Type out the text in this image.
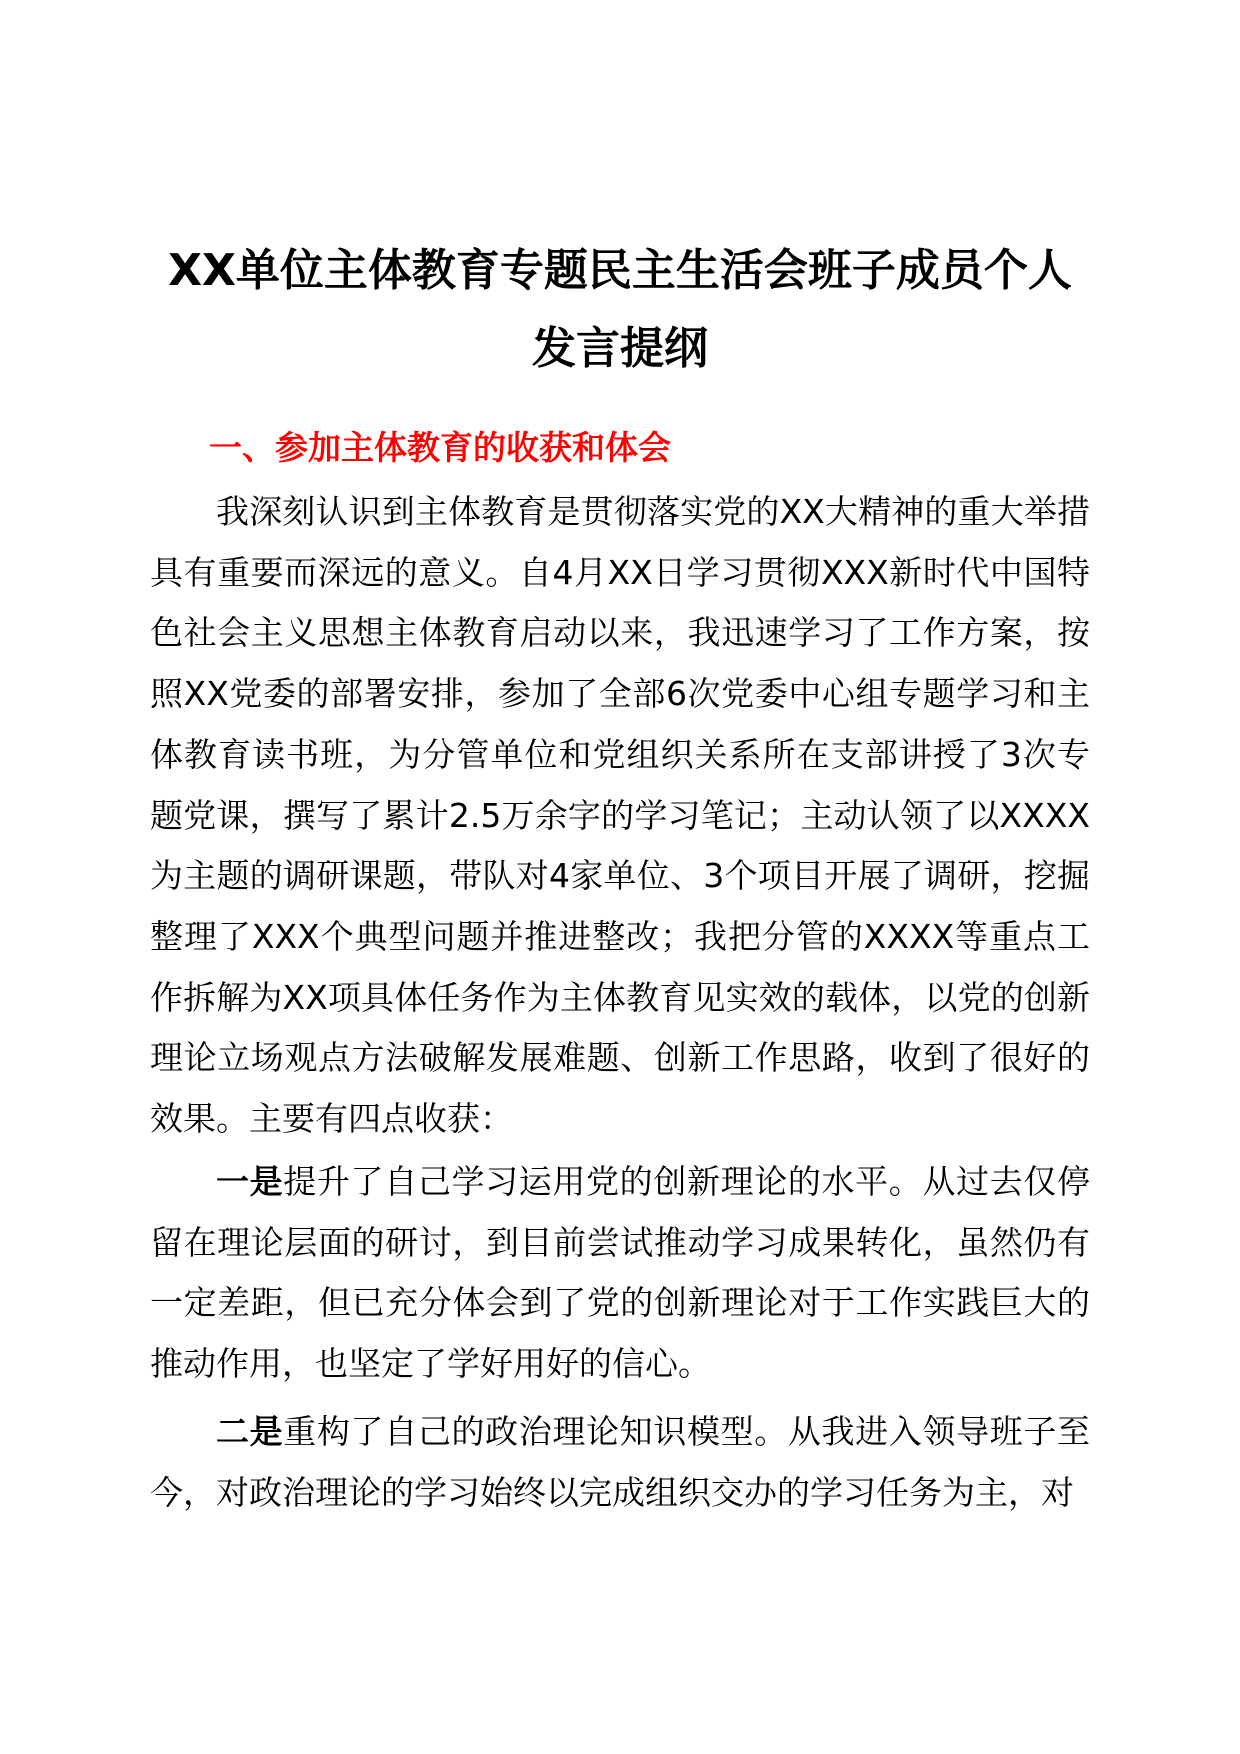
XX单位主体教育专题民主生活会班子成员个人发言提纲
一、参加主体教育的收获和体会

我深刻认识到主体教育是贯彻落实党的XX大精神的重大举措具有重要而深远的意义。自4月XX日学习贯彻XXX新时代中国特色社会主义思想主体教育启动以来，我迅速学习了工作方案，按照XX党委的部署安排，参加了全部6次党委中心组专题学习和主体教育读书班，为分管单位和党组织关系所在支部讲授了3次专题党课，撰写了累计2.5万余字的学习笔记；主动认领了以XXXX为主题的调研课题，带队对4家单位、3个项目开展了调研，挖掘整理了XXX个典型问题并推进整改；我把分管的XXXX等重点工作拆解为XX项具体任务作为主体教育见实效的载体，以党的创新理论立场观点方法破解发展难题、创新工作思路，收到了很好的效果。主要有四点收获：

一是提升了自己学习运用党的创新理论的水平。从过去仅停留在理论层面的研讨，到目前尝试推动学习成果转化，虽然仍有一定差距，但已充分体会到了党的创新理论对于工作实践巨大的推动作用，也坚定了学好用好的信心。

二是重构了自己的政治理论知识模型。从我进入领导班子至今，对政治理论的学习始终以完成组织交办的学习任务为主，对
